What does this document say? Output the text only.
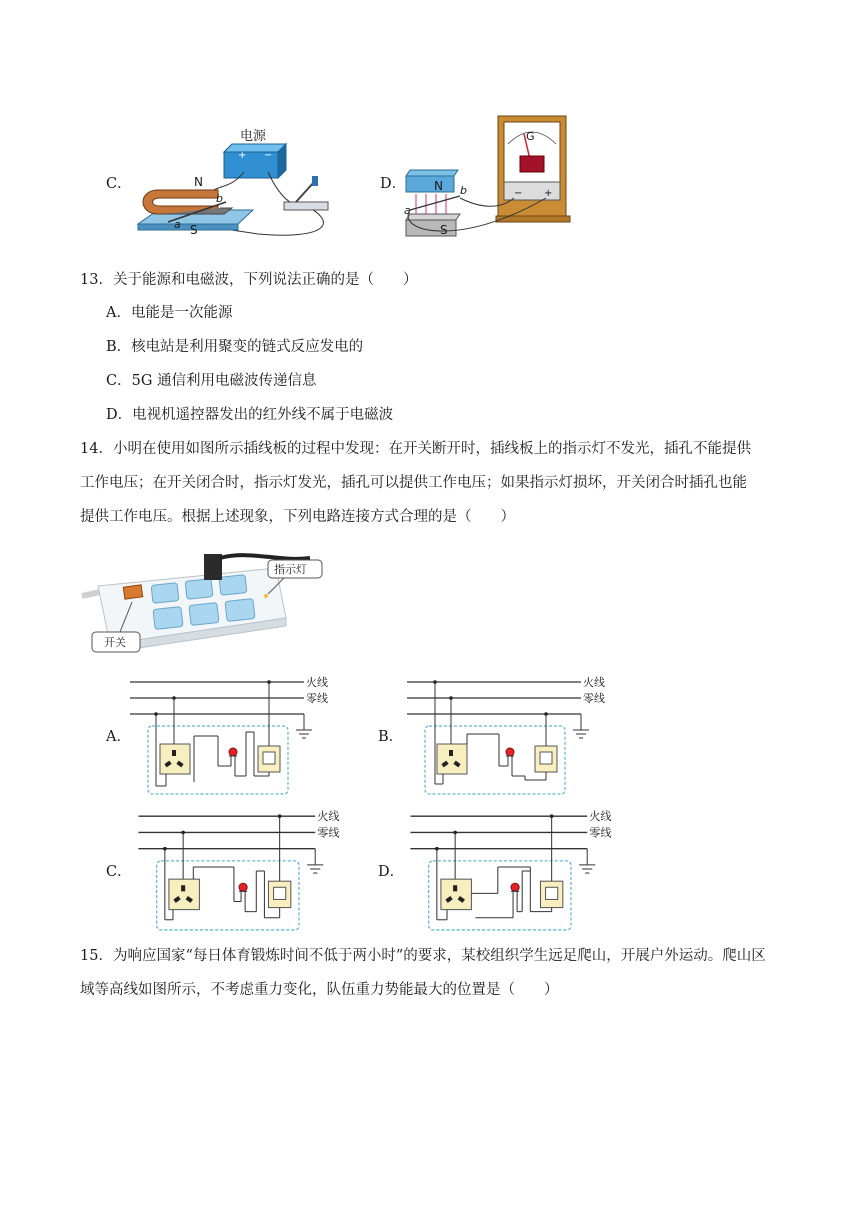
C．
电源
+ −
N
S
a
b
D．
G
− +
N
S
a
b
13．关于能源和电磁波，下列说法正确的是（　　）
A．电能是一次能源
B．核电站是利用聚变的链式反应发电的
C．5G 通信利用电磁波传递信息
D．电视机遥控器发出的红外线不属于电磁波
14．小明在使用如图所示插线板的过程中发现：在开关断开时，插线板上的指示灯不发光，插孔不能提供
工作电压；在开关闭合时，指示灯发光，插孔可以提供工作电压；如果指示灯损坏，开关闭合时插孔也能
提供工作电压。根据上述现象，下列电路连接方式合理的是（　　）
指示灯
开关
A．
火线
零线
B．
火线
零线
C．
火线
零线
D．
火线
零线
15．为响应国家“每日体育锻炼时间不低于两小时”的要求，某校组织学生远足爬山，开展户外运动。爬山区
域等高线如图所示，不考虑重力变化，队伍重力势能最大的位置是（　　）
